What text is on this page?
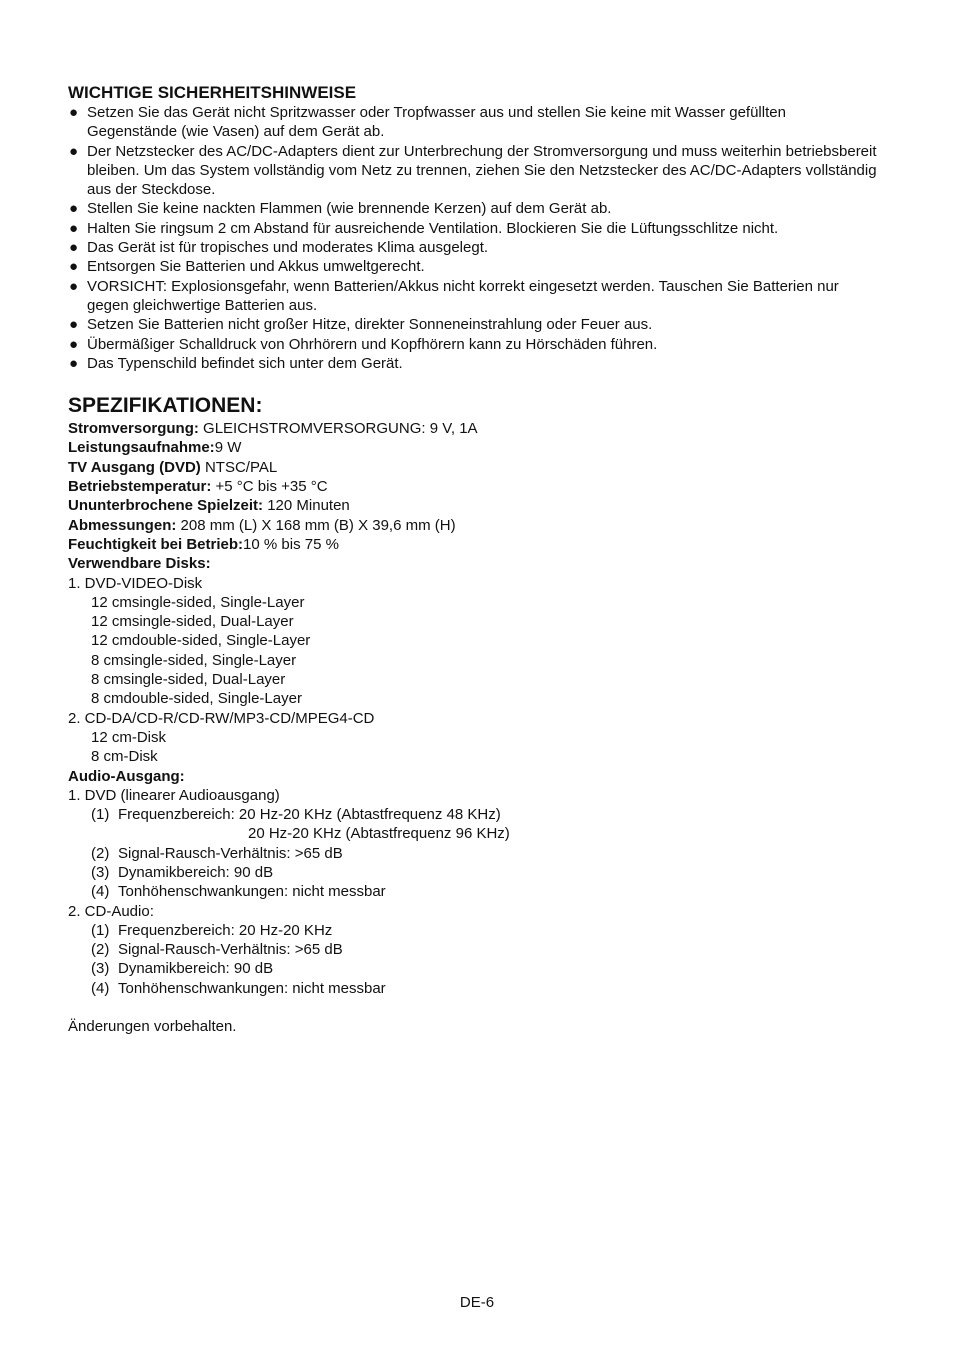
WICHTIGE SICHERHEITSHINWEISE
● Setzen Sie das Gerät nicht Spritzwasser oder Tropfwasser aus und stellen Sie keine mit Wasser gefüllten Gegenstände (wie Vasen) auf dem Gerät ab.
● Der Netzstecker des AC/DC-Adapters dient zur Unterbrechung der Stromversorgung und muss weiterhin betriebsbereit bleiben. Um das System vollständig vom Netz zu trennen, ziehen Sie den Netzstecker des AC/DC-Adapters vollständig aus der Steckdose.
● Stellen Sie keine nackten Flammen (wie brennende Kerzen) auf dem Gerät ab.
● Halten Sie ringsum 2 cm Abstand für ausreichende Ventilation. Blockieren Sie die Lüftungsschlitze nicht.
● Das Gerät ist für tropisches und moderates Klima ausgelegt.
● Entsorgen Sie Batterien und Akkus umweltgerecht.
● VORSICHT: Explosionsgefahr, wenn Batterien/Akkus nicht korrekt eingesetzt werden. Tauschen Sie Batterien nur gegen gleichwertige Batterien aus.
● Setzen Sie Batterien nicht großer Hitze, direkter Sonneneinstrahlung oder Feuer aus.
● Übermäßiger Schalldruck von Ohrhörern und Kopfhörern kann zu Hörschäden führen.
● Das Typenschild befindet sich unter dem Gerät.
SPEZIFIKATIONEN:
Stromversorgung: GLEICHSTROMVERSORGUNG: 9 V, 1A
Leistungsaufnahme:9 W
TV Ausgang (DVD) NTSC/PAL
Betriebstemperatur: +5 °C bis +35 °C
Ununterbrochene Spielzeit: 120 Minuten
Abmessungen: 208 mm (L) X 168 mm (B) X 39,6 mm (H)
Feuchtigkeit bei Betrieb:10 % bis 75 %
Verwendbare Disks:
1. DVD-VIDEO-Disk
12 cmsingle-sided, Single-Layer
12 cmsingle-sided, Dual-Layer
12 cmdouble-sided, Single-Layer
8 cmsingle-sided, Single-Layer
8 cmsingle-sided, Dual-Layer
8 cmdouble-sided, Single-Layer
2. CD-DA/CD-R/CD-RW/MP3-CD/MPEG4-CD
12 cm-Disk
8 cm-Disk
Audio-Ausgang:
1. DVD (linearer Audioausgang)
(1) Frequenzbereich: 20 Hz-20 KHz (Abtastfrequenz 48 KHz)
20 Hz-20 KHz (Abtastfrequenz 96 KHz)
(2) Signal-Rausch-Verhältnis: >65 dB
(3) Dynamikbereich: 90 dB
(4) Tonhöhenschwankungen: nicht messbar
2. CD-Audio:
(1) Frequenzbereich: 20 Hz-20 KHz
(2) Signal-Rausch-Verhältnis: >65 dB
(3) Dynamikbereich: 90 dB
(4) Tonhöhenschwankungen: nicht messbar
Änderungen vorbehalten.
DE-6
